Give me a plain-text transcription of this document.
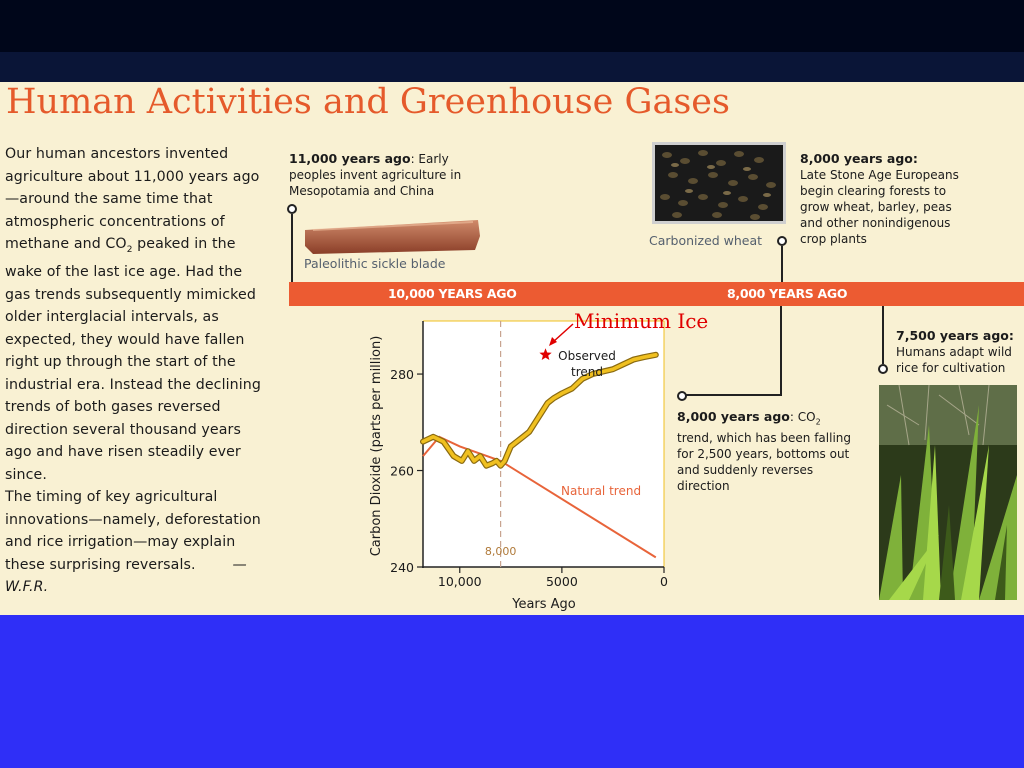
Human Activities and Greenhouse Gases

Our human ancestors invented agriculture about 11,000 years ago—around the same time that atmospheric concentrations of methane and $CO_2$ peaked in the wake of the last ice age. Had the gas trends subsequently mimicked older interglacial intervals, as expected, they would have fallen right up through the start of the industrial era. Instead the declining trends of both gases reversed direction several thousand years ago and have risen steadily ever since.

The timing of key agricultural innovations—namely, deforestation and rice irrigation—may explain these surprising reversals.	—W.F.R.

11,000 years ago: Early peoples invent agriculture in Mesopotamia and China
Paleolithic sickle blade
Carbonized wheat
8,000 years ago:
Late Stone Age Europeans begin clearing forests to grow wheat, barley, peas and other nonindigenous crop plants
10,000 YEARS AGO	8,000 YEARS AGO
8,000 years ago: $CO_2$ trend, which has been falling for 2,500 years, bottoms out and suddenly reverses direction
7,500 years ago:
Humans adapt wild rice for cultivation
8,000
240
260
280
10,000	5000	0
Years Ago
Carbon Dioxide (parts per million)	Observed trend
Natural trend
Minimum Ice
